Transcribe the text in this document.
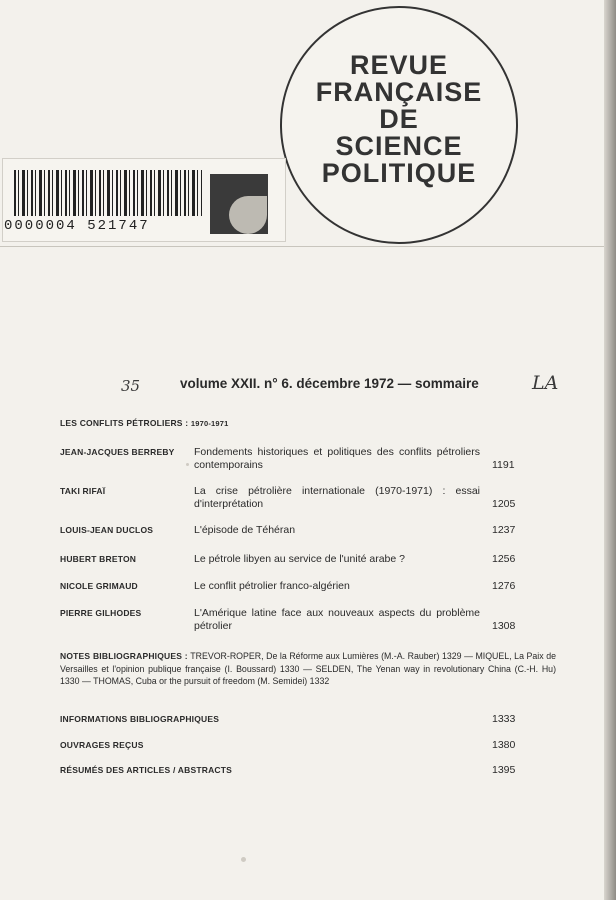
REVUE
FRANÇAISE
DE
SCIENCE
POLITIQUE
0000004 521747
35	LA
volume XXII. n° 6. décembre 1972 — sommaire
LES CONFLITS PÉTROLIERS : 1970-1971
JEAN-JACQUES BERREBY	Fondements historiques et politiques des conflits pétroliers contemporains	1191
TAKI RIFAÏ	La crise pétrolière internationale (1970-1971) : essai d'interprétation	1205
LOUIS-JEAN DUCLOS	L'épisode de Téhéran	1237
HUBERT BRETON	Le pétrole libyen au service de l'unité arabe ?	1256
NICOLE GRIMAUD	Le conflit pétrolier franco-algérien	1276
PIERRE GILHODES	L'Amérique latine face aux nouveaux aspects du problème pétrolier	1308
NOTES BIBLIOGRAPHIQUES : TREVOR-ROPER, De la Réforme aux Lumières (M.-A. Rauber) 1329 — MIQUEL, La Paix de Versailles et l'opinion publique française (I. Boussard) 1330 — SELDEN, The Yenan way in revolutionary China (C.-H. Hu) 1330 — THOMAS, Cuba or the pursuit of freedom (M. Semidei) 1332
INFORMATIONS BIBLIOGRAPHIQUES	1333
OUVRAGES REÇUS	1380
RÉSUMÉS DES ARTICLES / ABSTRACTS	1395
